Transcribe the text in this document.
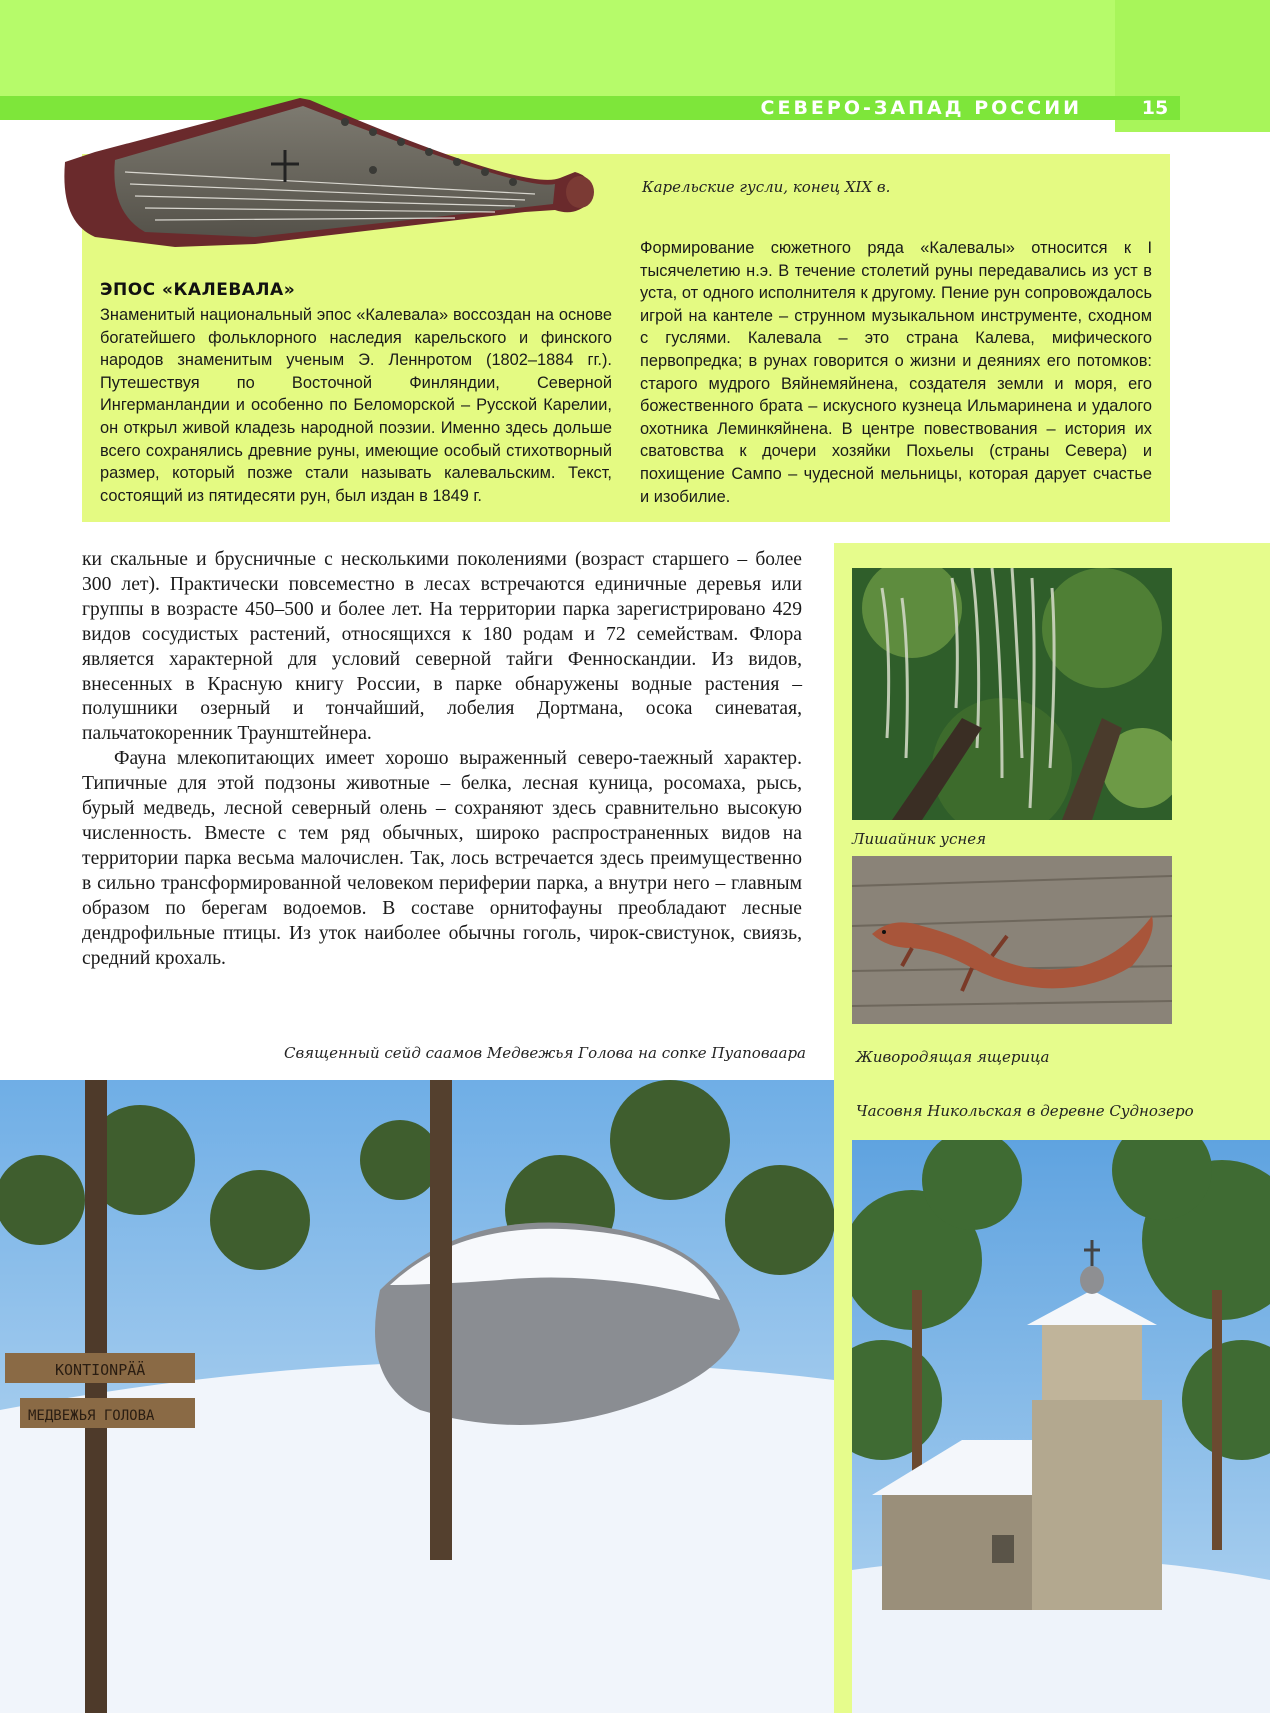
СЕВЕРО-ЗАПАД РОССИИ	15
Карельские гусли, конец XIX в.
ЭПОС «КАЛЕВАЛА»
Знаменитый национальный эпос «Калевала» воссоздан на основе богатейшего фольклорного наследия карельского и финского народов знаменитым ученым Э. Леннротом (1802–1884 гг.). Путешествуя по Восточной Финляндии, Северной Ингерманландии и особенно по Беломорской – Русской Карелии, он открыл живой кладезь народной поэзии. Именно здесь дольше всего сохранялись древние руны, имеющие особый стихотворный размер, который позже стали называть калевальским. Текст, состоящий из пятидесяти рун, был издан в 1849 г.
Формирование сюжетного ряда «Калевалы» относится к I тысячелетию н.э. В течение столетий руны передавались из уст в уста, от одного исполнителя к другому. Пение рун сопровождалось игрой на кантеле – струнном музыкальном инструменте, сходном с гуслями. Калевала – это страна Калева, мифического первопредка; в рунах говорится о жизни и деяниях его потомков: старого мудрого Вяйнемяйнена, создателя земли и моря, его божественного брата – искусного кузнеца Ильмаринена и удалого охотника Леминкяйнена. В центре повествования – история их сватовства к дочери хозяйки Похьелы (страны Севера) и похищение Сампо – чудесной мельницы, которая дарует счастье и изобилие.

ки скальные и брусничные с несколькими поколениями (возраст старшего – более 300 лет). Практически повсеместно в лесах встречаются единичные деревья или группы в возрасте 450–500 и более лет. На территории парка зарегистрировано 429 видов сосудистых растений, относящихся к 180 родам и 72 семействам. Флора является характерной для условий северной тайги Фенноскандии. Из видов, внесенных в Красную книгу России, в парке обнаружены водные растения – полушники озерный и тончайший, лобелия Дортмана, осока синеватая, пальчатокоренник Траунштейнера.

Фауна млекопитающих имеет хорошо выраженный северо-таежный характер. Типичные для этой подзоны животные – белка, лесная куница, росомаха, рысь, бурый медведь, лесной северный олень – сохраняют здесь сравнительно высокую численность. Вместе с тем ряд обычных, широко распространенных видов на территории парка весьма малочислен. Так, лось встречается здесь преимущественно в сильно трансформированной человеком периферии парка, а внутри него – главным образом по берегам водоемов. В составе орнитофауны преобладают лесные дендрофильные птицы. Из уток наиболее обычны гоголь, чирок-свистунок, свиязь, средний крохаль.

Священный сейд саамов Медвежья Голова на сопке Пуаповаара
Лишайник уснея
Живородящая ящерица
Часовня Никольская в деревне Суднозеро
KONTIONPÄÄ
МЕДВЕЖЬЯ ГОЛОВА
